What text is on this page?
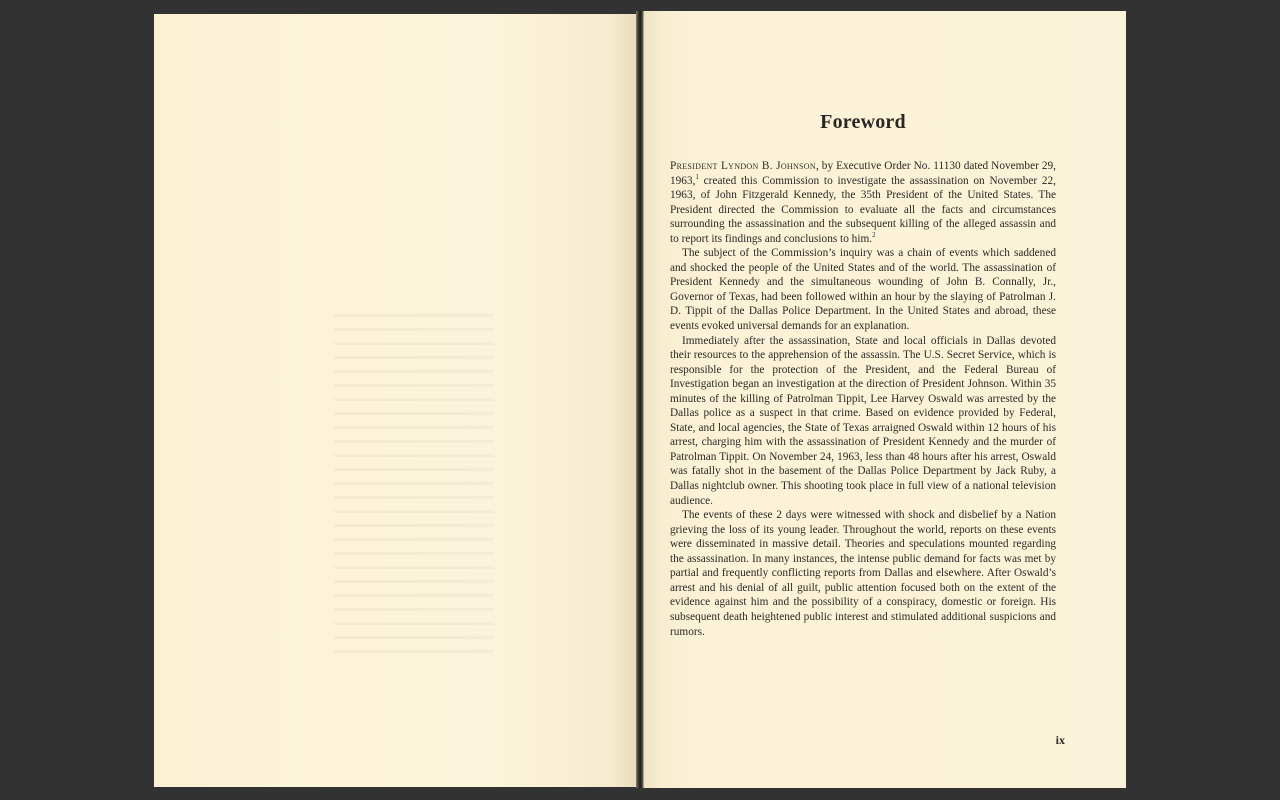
Foreword

President Lyndon B. Johnson, by Executive Order No. 11130 dated November 29, 1963,$^1$ created this Commission to investigate the assassination on November 22, 1963, of John Fitzgerald Kennedy, the 35th President of the United States. The President directed the Commission to evaluate all the facts and circumstances surrounding the assassination and the subsequent killing of the alleged assassin and to report its findings and conclusions to him.$^2$

The subject of the Commission’s inquiry was a chain of events which saddened and shocked the people of the United States and of the world. The assassination of President Kennedy and the simultaneous wounding of John B. Connally, Jr., Governor of Texas, had been followed within an hour by the slaying of Patrolman J. D. Tippit of the Dallas Police Department. In the United States and abroad, these events evoked universal demands for an explanation.

Immediately after the assassination, State and local officials in Dallas devoted their resources to the apprehension of the assassin. The U.S. Secret Service, which is responsible for the protection of the President, and the Federal Bureau of Investigation began an investigation at the direction of President Johnson. Within 35 minutes of the killing of Patrolman Tippit, Lee Harvey Oswald was arrested by the Dallas police as a suspect in that crime. Based on evidence provided by Federal, State, and local agencies, the State of Texas arraigned Oswald within 12 hours of his arrest, charging him with the assassination of President Kennedy and the murder of Patrolman Tippit. On November 24, 1963, less than 48 hours after his arrest, Oswald was fatally shot in the basement of the Dallas Police Department by Jack Ruby, a Dallas nightclub owner. This shooting took place in full view of a national television audience.

The events of these 2 days were witnessed with shock and disbelief by a Nation grieving the loss of its young leader. Throughout the world, reports on these events were disseminated in massive detail. Theories and speculations mounted regarding the assassination. In many instances, the intense public demand for facts was met by partial and frequently conflicting reports from Dallas and elsewhere. After Oswald’s arrest and his denial of all guilt, public attention focused both on the extent of the evidence against him and the possibility of a conspiracy, domestic or foreign. His subsequent death heightened public interest and stimulated additional suspicions and rumors.

ix
